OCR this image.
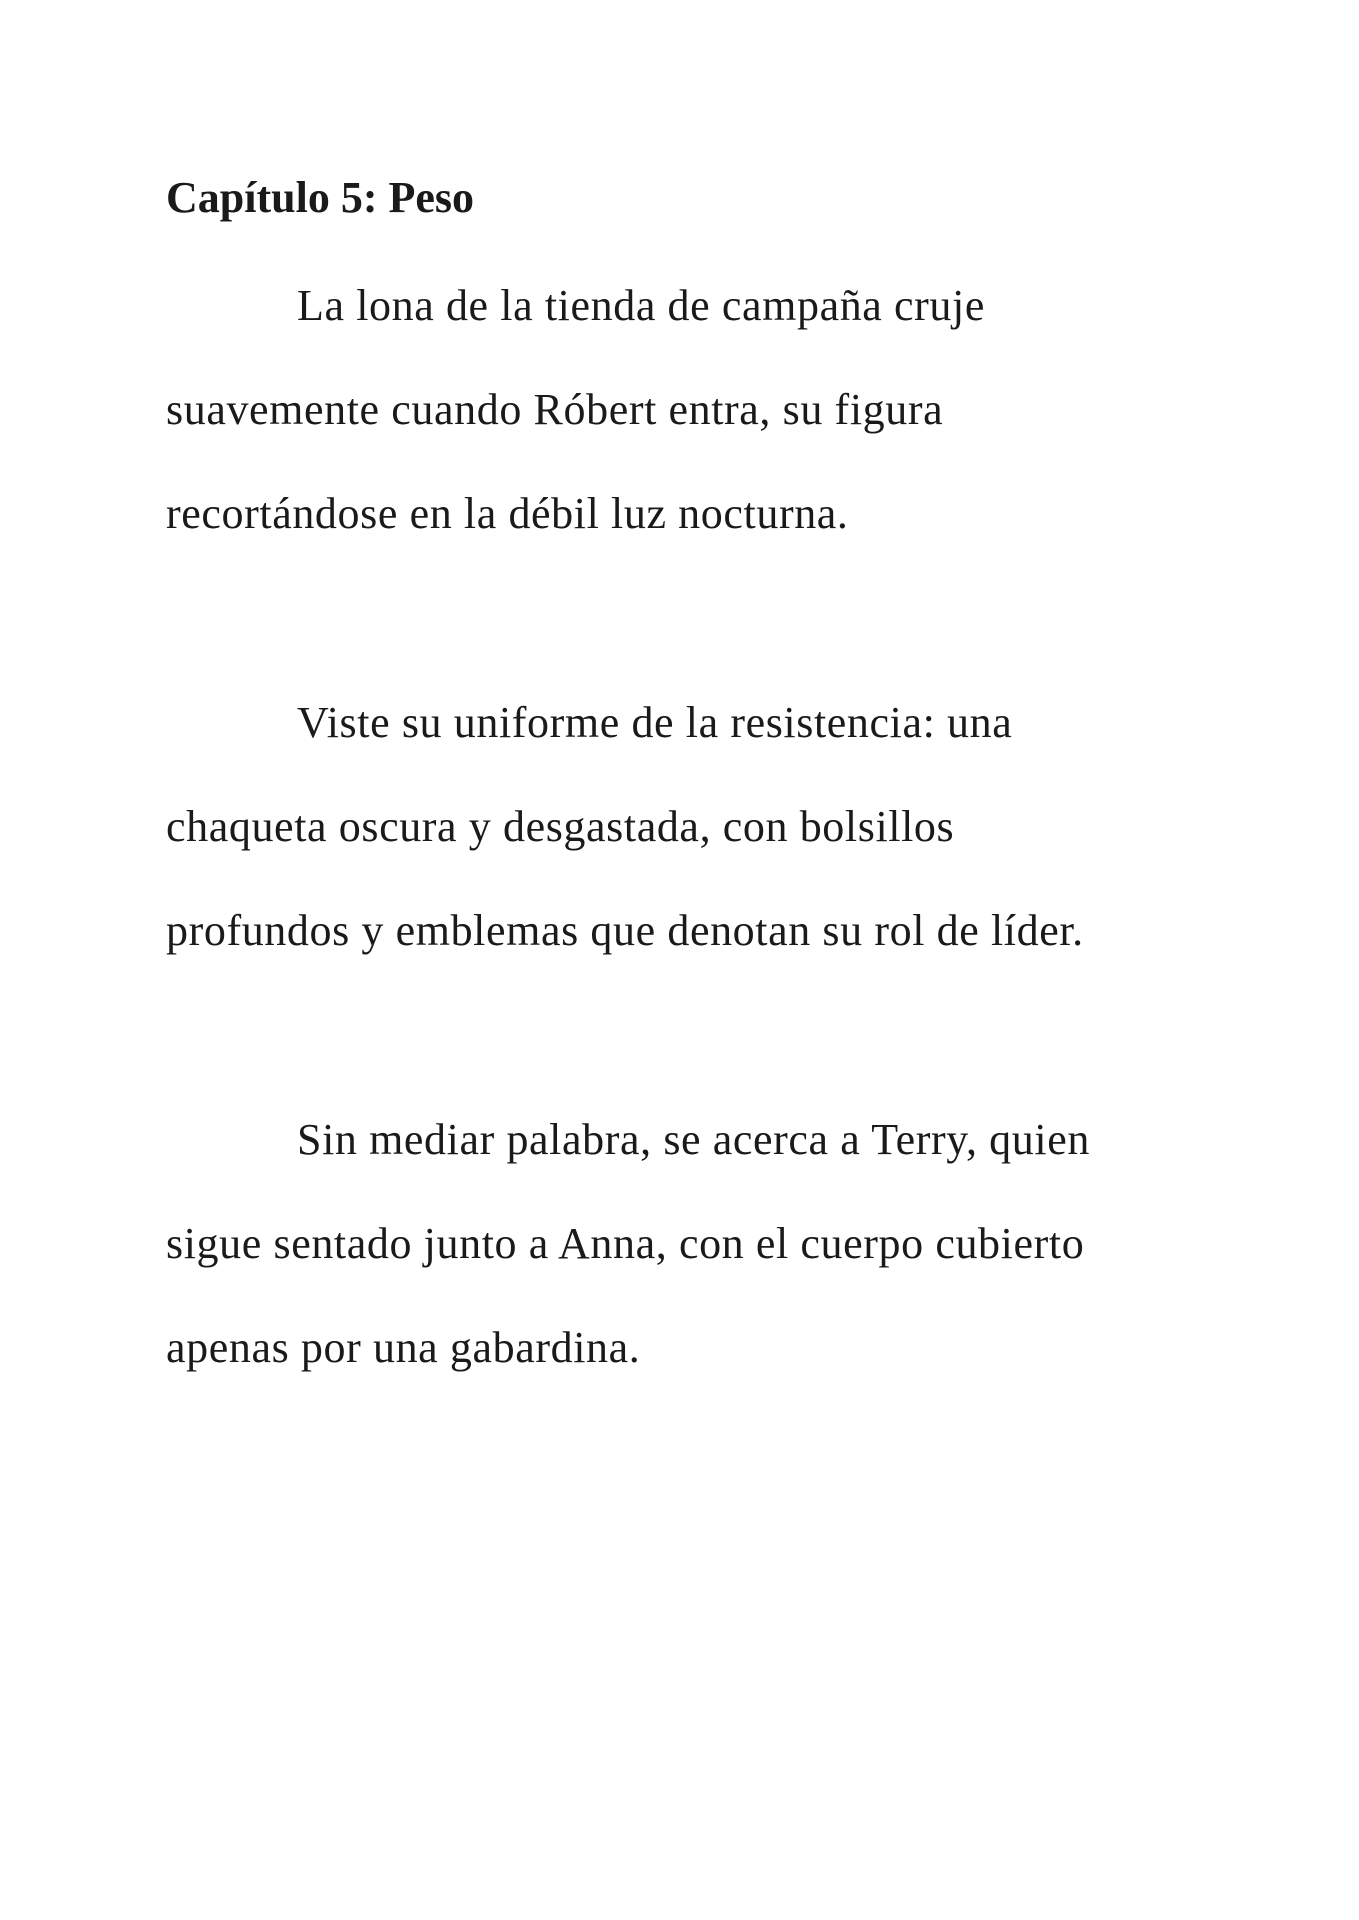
Capítulo 5: Peso
La lona de la tienda de campaña cruje
suavemente cuando Róbert entra, su figura
recortándose en la débil luz nocturna.
Viste su uniforme de la resistencia: una
chaqueta oscura y desgastada, con bolsillos
profundos y emblemas que denotan su rol de líder.
Sin mediar palabra, se acerca a Terry, quien
sigue sentado junto a Anna, con el cuerpo cubierto
apenas por una gabardina.
